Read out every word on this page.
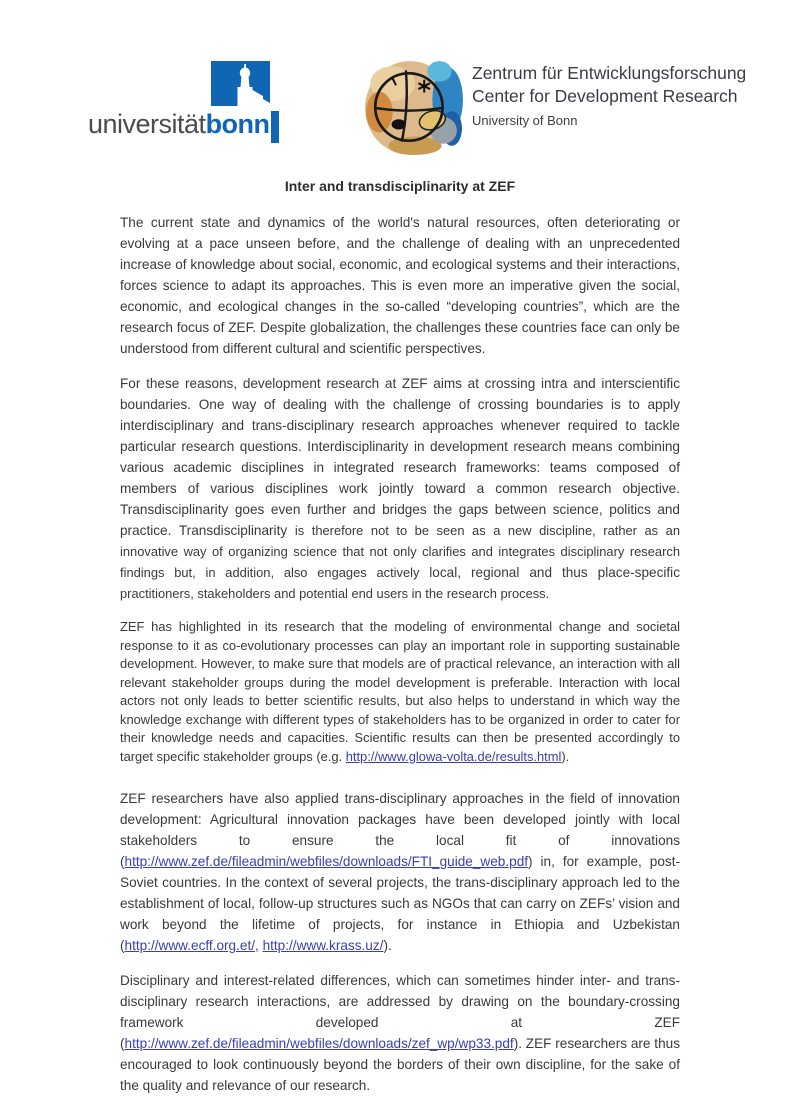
universität bonn
Zentrum für Entwicklungsforschung
Center for Development Research
University of Bonn
Inter and transdisciplinarity at ZEF

The current state and dynamics of the world's natural resources, often deteriorating or evolving at a pace unseen before, and the challenge of dealing with an unprecedented increase of knowledge about social, economic, and ecological systems and their interactions, forces science to adapt its approaches. This is even more an imperative given the social, economic, and ecological changes in the so-called “developing countries”, which are the research focus of ZEF. Despite globalization, the challenges these countries face can only be understood from different cultural and scientific perspectives.

For these reasons, development research at ZEF aims at crossing intra and interscientific boundaries. One way of dealing with the challenge of crossing boundaries is to apply interdisciplinary and trans-disciplinary research approaches whenever required to tackle particular research questions. Interdisciplinarity in development research means combining various academic disciplines in integrated research frameworks: teams composed of members of various disciplines work jointly toward a common research objective. Transdisciplinarity goes even further and bridges the gaps between science, politics and practice. Transdisciplinarity is therefore not to be seen as a new discipline, rather as an innovative way of organizing science that not only clarifies and integrates disciplinary research findings but, in addition, also engages actively local, regional and thus place-specific practitioners, stakeholders and potential end users in the research process.

ZEF has highlighted in its research that the modeling of environmental change and societal response to it as co-evolutionary processes can play an important role in supporting sustainable development. However, to make sure that models are of practical relevance, an interaction with all relevant stakeholder groups during the model development is preferable. Interaction with local actors not only leads to better scientific results, but also helps to understand in which way the knowledge exchange with different types of stakeholders has to be organized in order to cater for their knowledge needs and capacities. Scientific results can then be presented accordingly to target specific stakeholder groups (e.g. http://www.glowa-volta.de/results.html).

ZEF researchers have also applied trans-disciplinary approaches in the field of innovation development: Agricultural innovation packages have been developed jointly with local stakeholders to ensure the local fit of innovations (http://www.zef.de/fileadmin/webfiles/downloads/FTI_guide_web.pdf) in, for example, post-Soviet countries. In the context of several projects, the trans-disciplinary approach led to the establishment of local, follow-up structures such as NGOs that can carry on ZEFs’ vision and work beyond the lifetime of projects, for instance in Ethiopia and Uzbekistan (http://www.ecff.org.et/, http://www.krass.uz/).

Disciplinary and interest-related differences, which can sometimes hinder inter- and trans-disciplinary research interactions, are addressed by drawing on the boundary-crossing framework developed at ZEF (http://www.zef.de/fileadmin/webfiles/downloads/zef_wp/wp33.pdf). ZEF researchers are thus encouraged to look continuously beyond the borders of their own discipline, for the sake of the quality and relevance of our research.
